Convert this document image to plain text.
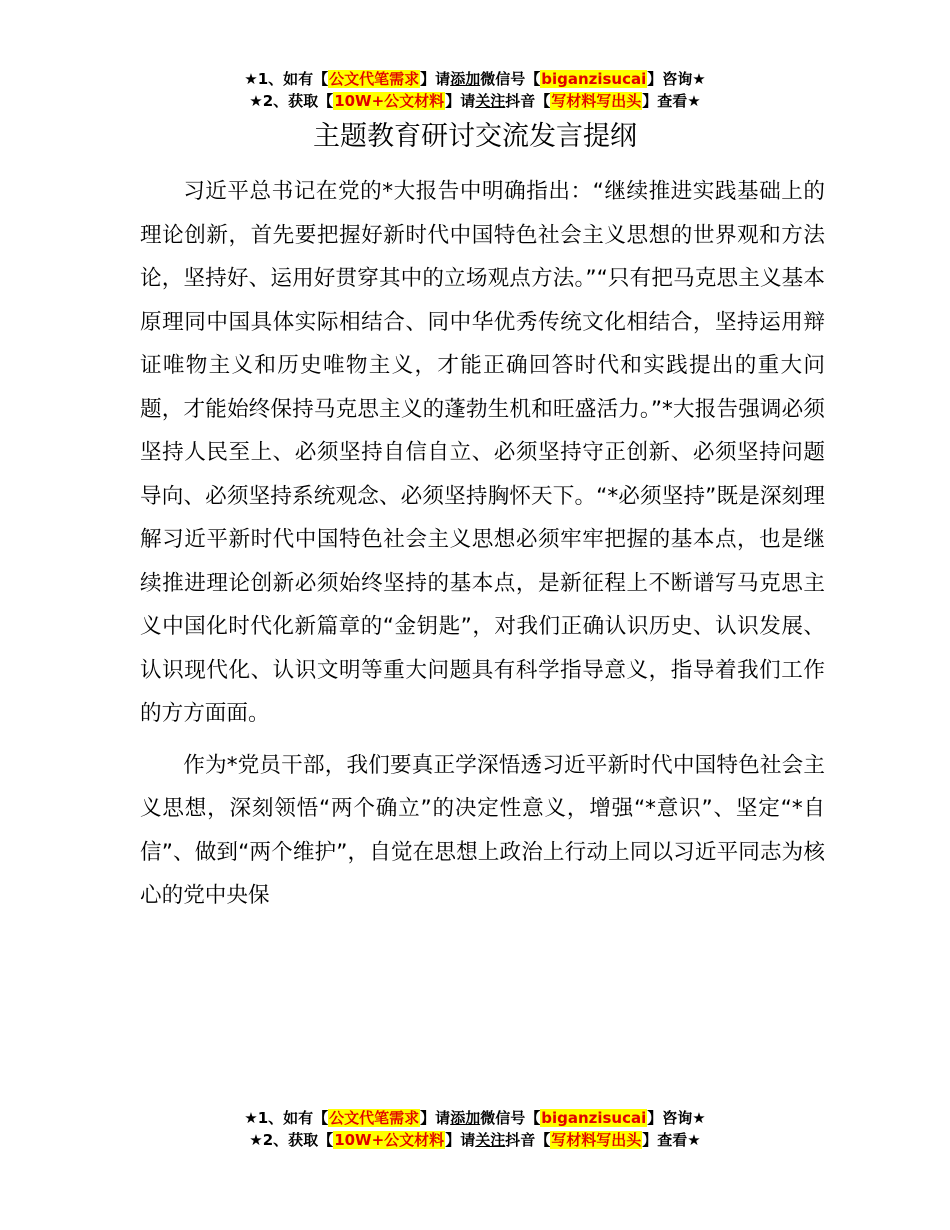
★1、如有【公文代笔需求】请添加微信号【biganzisucai】咨询★
★2、获取【10W+公文材料】请关注抖音【写材料写出头】查看★
主题教育研讨交流发言提纲

习近平总书记在党的*大报告中明确指出：“继续推进实践基础上的理论创新，首先要把握好新时代中国特色社会主义思想的世界观和方法论，坚持好、运用好贯穿其中的立场观点方法。”“只有把马克思主义基本原理同中国具体实际相结合、同中华优秀传统文化相结合，坚持运用辩证唯物主义和历史唯物主义，才能正确回答时代和实践提出的重大问题，才能始终保持马克思主义的蓬勃生机和旺盛活力。”*大报告强调必须坚持人民至上、必须坚持自信自立、必须坚持守正创新、必须坚持问题导向、必须坚持系统观念、必须坚持胸怀天下。“*必须坚持”既是深刻理解习近平新时代中国特色社会主义思想必须牢牢把握的基本点，也是继续推进理论创新必须始终坚持的基本点，是新征程上不断谱写马克思主义中国化时代化新篇章的“金钥匙”，对我们正确认识历史、认识发展、认识现代化、认识文明等重大问题具有科学指导意义，指导着我们工作的方方面面。

作为*党员干部，我们要真正学深悟透习近平新时代中国特色社会主义思想，深刻领悟“两个确立”的决定性意义，增强“*意识”、坚定“*自信”、做到“两个维护”，自觉在思想上政治上行动上同以习近平同志为核心的党中央保

★1、如有【公文代笔需求】请添加微信号【biganzisucai】咨询★
★2、获取【10W+公文材料】请关注抖音【写材料写出头】查看★
